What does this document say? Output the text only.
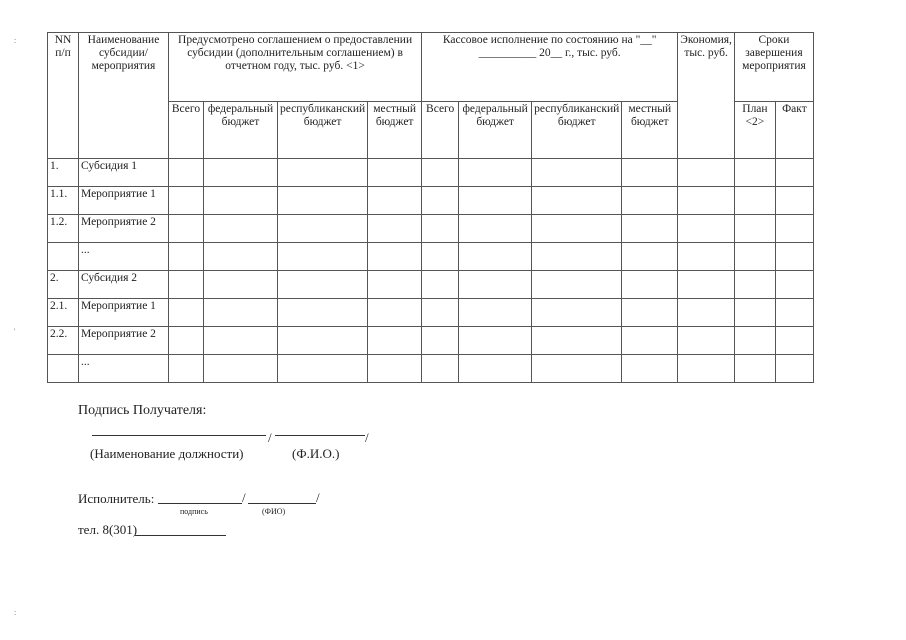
NN п/п	Наименование субсидии/мероприятия	Предусмотрено соглашением о предоставлении субсидии (дополнительным соглашением) в отчетном году, тыс. руб. <1>				Кассовое исполнение по состоянию на "__" __________ 20__ г., тыс. руб.				Экономия, тыс. руб.	Сроки завершения мероприятия	
		Всего	федеральный бюджет	республиканский бюджет	местный бюджет	Всего	федеральный бюджет	республиканский бюджет	местный бюджет		План <2>	Факт
1.	Субсидия 1											
1.1.	Мероприятие 1											
1.2.	Мероприятие 2											
	...											
2.	Субсидия 2											
2.1.	Мероприятие 1											
2.2.	Мероприятие 2											
	...											
Подпись Получателя:
/	/
(Наименование должности)	(Ф.И.О.)
Исполнитель:	/	/
подпись	(ФИО)
тел. 8(301)
:
'
:
